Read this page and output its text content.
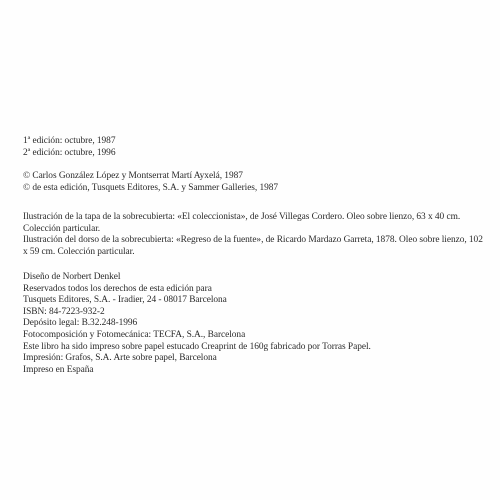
1ª edición: octubre, 1987
2ª edición: octubre, 1996
© Carlos González López y Montserrat Martí Ayxelá, 1987
© de esta edición, Tusquets Editores, S.A. y Sammer Galleries, 1987
Ilustración de la tapa de la sobrecubierta: «El coleccionista», de José Villegas Cordero. Oleo sobre lienzo, 63 x 40 cm. Colección particular.
Ilustración del dorso de la sobrecubierta: «Regreso de la fuente», de Ricardo Mardazo Garreta, 1878. Oleo sobre lienzo, 102 x 59 cm. Colección particular.
Diseño de Norbert Denkel
Reservados todos los derechos de esta edición para
Tusquets Editores, S.A. - Iradier, 24 - 08017 Barcelona
ISBN: 84-7223-932-2
Depósito legal: B.32.248-1996
Fotocomposición y Fotomecánica: TECFA, S.A., Barcelona
Este libro ha sido impreso sobre papel estucado Creaprint de 160g fabricado por Torras Papel.
Impresión: Grafos, S.A. Arte sobre papel, Barcelona
Impreso en España
